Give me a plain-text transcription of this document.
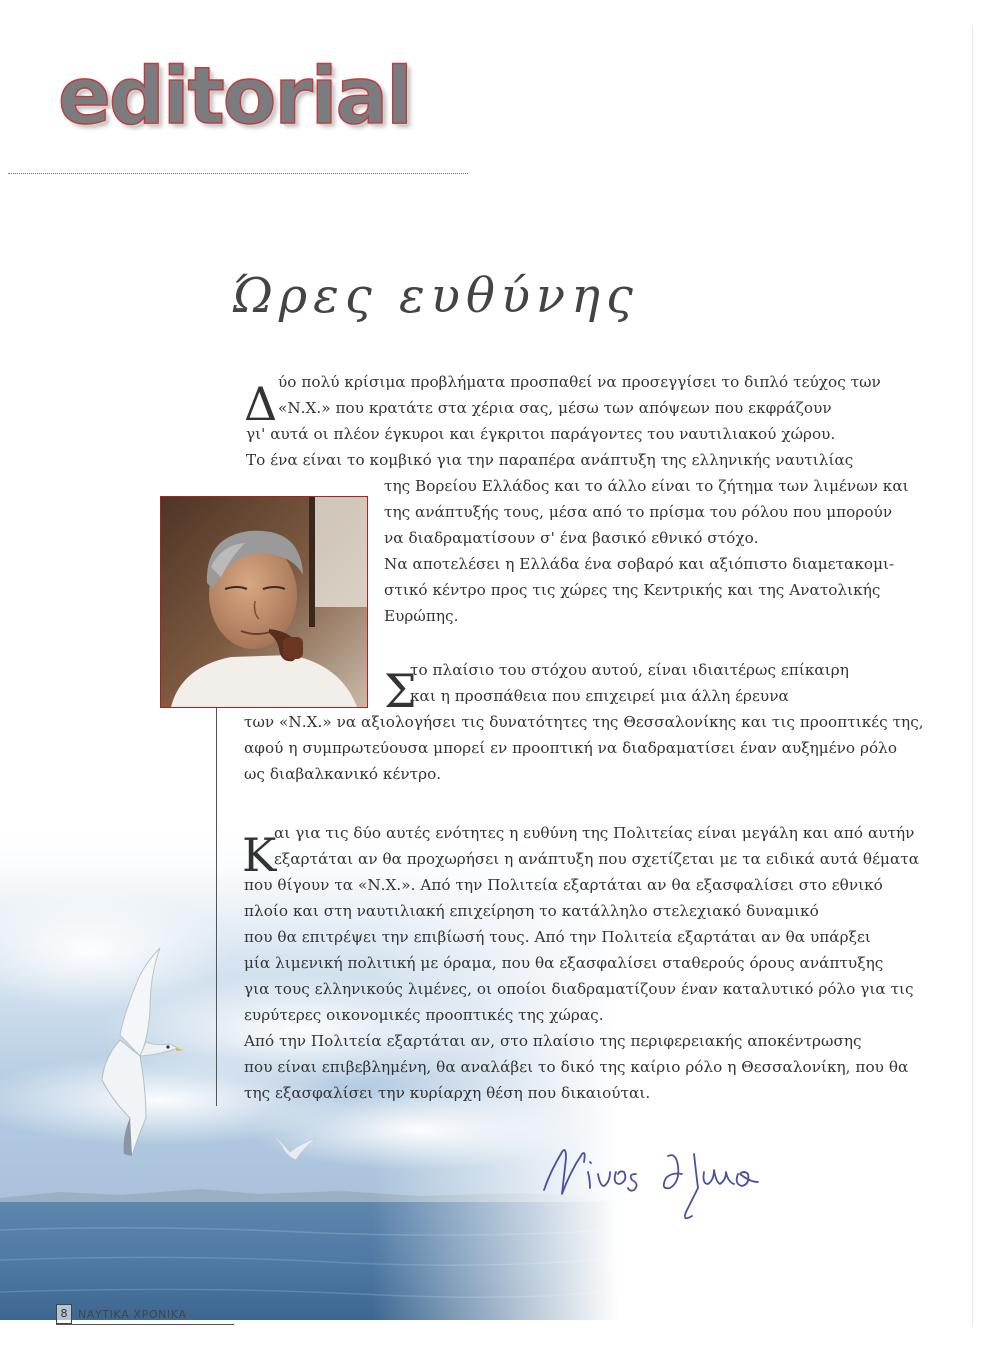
editorial
Ώρες ευθύνης
Δ ύο πολύ κρίσιμα προβλήματα προσπαθεί να προσεγγίσει το διπλό τεύχος των
«Ν.Χ.» που κρατάτε στα χέρια σας, μέσω των απόψεων που εκφράζουν
γι' αυτά οι πλέον έγκυροι και έγκριτοι παράγοντες του ναυτιλιακού χώρου.
Το ένα είναι το κομβικό για την παραπέρα ανάπτυξη της ελληνικής ναυτιλίας
της Βορείου Ελλάδος και το άλλο είναι το ζήτημα των λιμένων και
της ανάπτυξής τους, μέσα από το πρίσμα του ρόλου που μπορούν
να διαδραματίσουν σ' ένα βασικό εθνικό στόχο.
Να αποτελέσει η Ελλάδα ένα σοβαρό και αξιόπιστο διαμετακομι-
στικό κέντρο προς τις χώρες της Κεντρικής και της Ανατολικής
Ευρώπης.
Σ
το πλαίσιο του στόχου αυτού, είναι ιδιαιτέρως επίκαιρη
και η προσπάθεια που επιχειρεί μια άλλη έρευνα
των «Ν.Χ.» να αξιολογήσει τις δυνατότητες της Θεσσαλονίκης και τις προοπτικές της,
αφού η συμπρωτεύουσα μπορεί εν προοπτική να διαδραματίσει έναν αυξημένο ρόλο
ως διαβαλκανικό κέντρο.
Κ
αι για τις δύο αυτές ενότητες η ευθύνη της Πολιτείας είναι μεγάλη και από αυτήν
εξαρτάται αν θα προχωρήσει η ανάπτυξη που σχετίζεται με τα ειδικά αυτά θέματα
που θίγουν τα «Ν.Χ.». Από την Πολιτεία εξαρτάται αν θα εξασφαλίσει στο εθνικό
πλοίο και στη ναυτιλιακή επιχείρηση το κατάλληλο στελεχιακό δυναμικό
που θα επιτρέψει την επιβίωσή τους. Από την Πολιτεία εξαρτάται αν θα υπάρξει
μία λιμενική πολιτική με όραμα, που θα εξασφαλίσει σταθερούς όρους ανάπτυξης
για τους ελληνικούς λιμένες, οι οποίοι διαδραματίζουν έναν καταλυτικό ρόλο για τις
ευρύτερες οικονομικές προοπτικές της χώρας.
Από την Πολιτεία εξαρτάται αν, στο πλαίσιο της περιφερειακής αποκέντρωσης
που είναι επιβεβλημένη, θα αναλάβει το δικό της καίριο ρόλο η Θεσσαλονίκη, που θα
της εξασφαλίσει την κυρίαρχη θέση που δικαιούται.
8 ΝΑΥΤΙΚΑ ΧΡΟΝΙΚΑ
